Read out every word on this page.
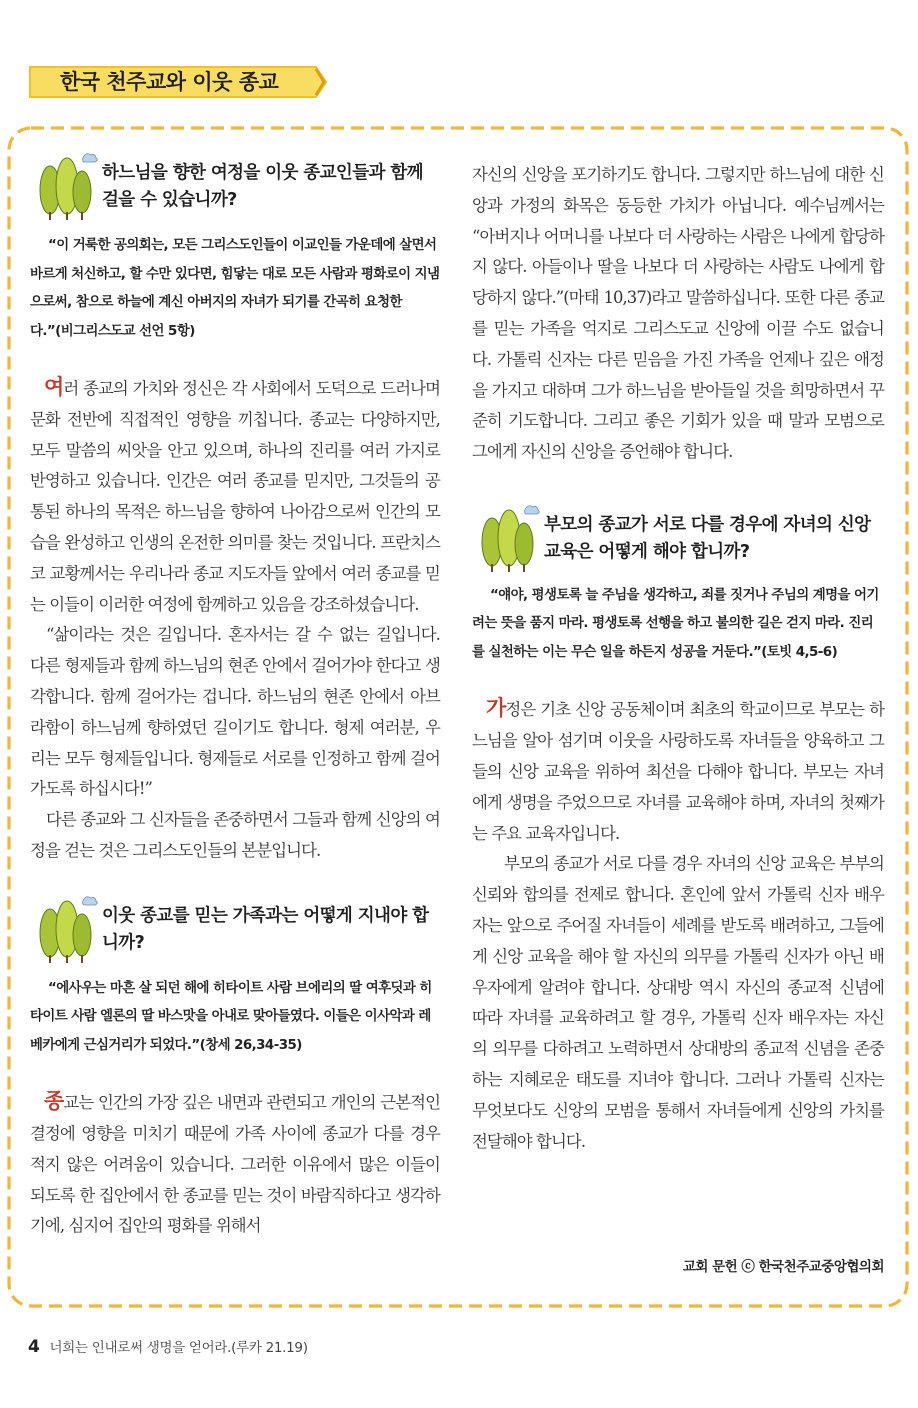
한국 천주교와 이웃 종교
하느님을 향한 여정을 이웃 종교인들과 함께 걸을 수 있습니까?

“이 거룩한 공의회는, 모든 그리스도인들이 이교인들 가운데에 살면서 바르게 처신하고, 할 수만 있다면, 힘닿는 대로 모든 사람과 평화로이 지냄으로써, 참으로 하늘에 계신 아버지의 자녀가 되기를 간곡히 요청한다.”(비그리스도교 선언 5항)

여러 종교의 가치와 정신은 각 사회에서 도덕으로 드러나며 문화 전반에 직접적인 영향을 끼칩니다. 종교는 다양하지만, 모두 말씀의 씨앗을 안고 있으며, 하나의 진리를 여러 가지로 반영하고 있습니다. 인간은 여러 종교를 믿지만, 그것들의 공통된 하나의 목적은 하느님을 향하여 나아감으로써 인간의 모습을 완성하고 인생의 온전한 의미를 찾는 것입니다. 프란치스코 교황께서는 우리나라 종교 지도자들 앞에서 여러 종교를 믿는 이들이 이러한 여정에 함께하고 있음을 강조하셨습니다.

“삶이라는 것은 길입니다. 혼자서는 갈 수 없는 길입니다. 다른 형제들과 함께 하느님의 현존 안에서 걸어가야 한다고 생각합니다. 함께 걸어가는 겁니다. 하느님의 현존 안에서 아브라함이 하느님께 향하였던 길이기도 합니다. 형제 여러분, 우리는 모두 형제들입니다. 형제들로 서로를 인정하고 함께 걸어가도록 하십시다!”

다른 종교와 그 신자들을 존중하면서 그들과 함께 신앙의 여정을 걷는 것은 그리스도인들의 본분입니다.

이웃 종교를 믿는 가족과는 어떻게 지내야 합니까?

“에사우는 마흔 살 되던 해에 히타이트 사람 브에리의 딸 여후딧과 히타이트 사람 엘론의 딸 바스맛을 아내로 맞아들였다. 이들은 이사악과 레베카에게 근심거리가 되었다.”(창세 26,34-35)

종교는 인간의 가장 깊은 내면과 관련되고 개인의 근본적인 결정에 영향을 미치기 때문에 가족 사이에 종교가 다를 경우 적지 않은 어려움이 있습니다. 그러한 이유에서 많은 이들이 되도록 한 집안에서 한 종교를 믿는 것이 바람직하다고 생각하기에, 심지어 집안의 평화를 위해서

자신의 신앙을 포기하기도 합니다. 그렇지만 하느님에 대한 신앙과 가정의 화목은 동등한 가치가 아닙니다. 예수님께서는 “아버지나 어머니를 나보다 더 사랑하는 사람은 나에게 합당하지 않다. 아들이나 딸을 나보다 더 사랑하는 사람도 나에게 합당하지 않다.”(마태 10,37)라고 말씀하십니다. 또한 다른 종교를 믿는 가족을 억지로 그리스도교 신앙에 이끌 수도 없습니다. 가톨릭 신자는 다른 믿음을 가진 가족을 언제나 깊은 애정을 가지고 대하며 그가 하느님을 받아들일 것을 희망하면서 꾸준히 기도합니다. 그리고 좋은 기회가 있을 때 말과 모범으로 그에게 자신의 신앙을 증언해야 합니다.

부모의 종교가 서로 다를 경우에 자녀의 신앙 교육은 어떻게 해야 합니까?

“얘야, 평생토록 늘 주님을 생각하고, 죄를 짓거나 주님의 계명을 어기려는 뜻을 품지 마라. 평생토록 선행을 하고 불의한 길은 걷지 마라. 진리를 실천하는 이는 무슨 일을 하든지 성공을 거둔다.”(토빗 4,5-6)

가정은 기초 신앙 공동체이며 최초의 학교이므로 부모는 하느님을 알아 섬기며 이웃을 사랑하도록 자녀들을 양육하고 그들의 신앙 교육을 위하여 최선을 다해야 합니다. 부모는 자녀에게 생명을 주었으므로 자녀를 교육해야 하며, 자녀의 첫째가는 주요 교육자입니다.

부모의 종교가 서로 다를 경우 자녀의 신앙 교육은 부부의 신뢰와 합의를 전제로 합니다. 혼인에 앞서 가톨릭 신자 배우자는 앞으로 주어질 자녀들이 세례를 받도록 배려하고, 그들에게 신앙 교육을 해야 할 자신의 의무를 가톨릭 신자가 아닌 배우자에게 알려야 합니다. 상대방 역시 자신의 종교적 신념에 따라 자녀를 교육하려고 할 경우, 가톨릭 신자 배우자는 자신의 의무를 다하려고 노력하면서 상대방의 종교적 신념을 존중하는 지혜로운 태도를 지녀야 합니다. 그러나 가톨릭 신자는 무엇보다도 신앙의 모범을 통해서 자녀들에게 신앙의 가치를 전달해야 합니다.

교회 문헌 ⓒ 한국천주교중앙협의회
4 너희는 인내로써 생명을 얻어라.(루카 21.19)
